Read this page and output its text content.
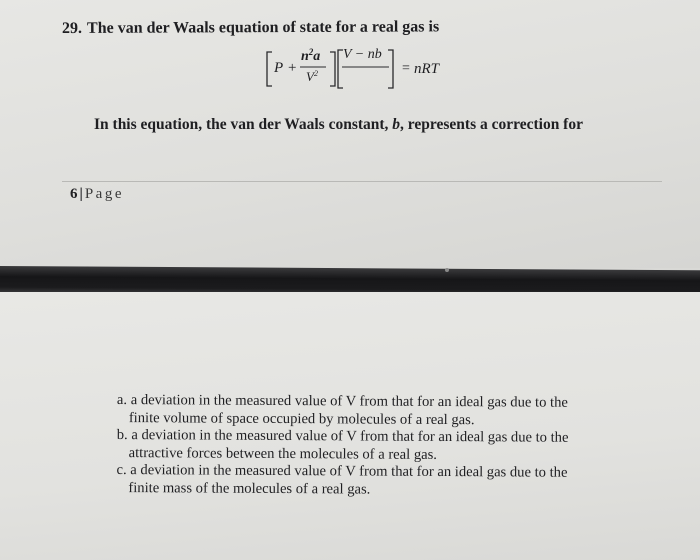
29. The van der Waals equation of state for a real gas is
P +
$n^2a$
$V^2$
V − nb
= nRT
In this equation, the van der Waals constant, b, represents a correction for
6 | Page

a. a deviation in the measured value of V from that for an ideal gas due to the
finite volume of space occupied by molecules of a real gas.

b. a deviation in the measured value of V from that for an ideal gas due to the
attractive forces between the molecules of a real gas.

c. a deviation in the measured value of V from that for an ideal gas due to the
finite mass of the molecules of a real gas.
